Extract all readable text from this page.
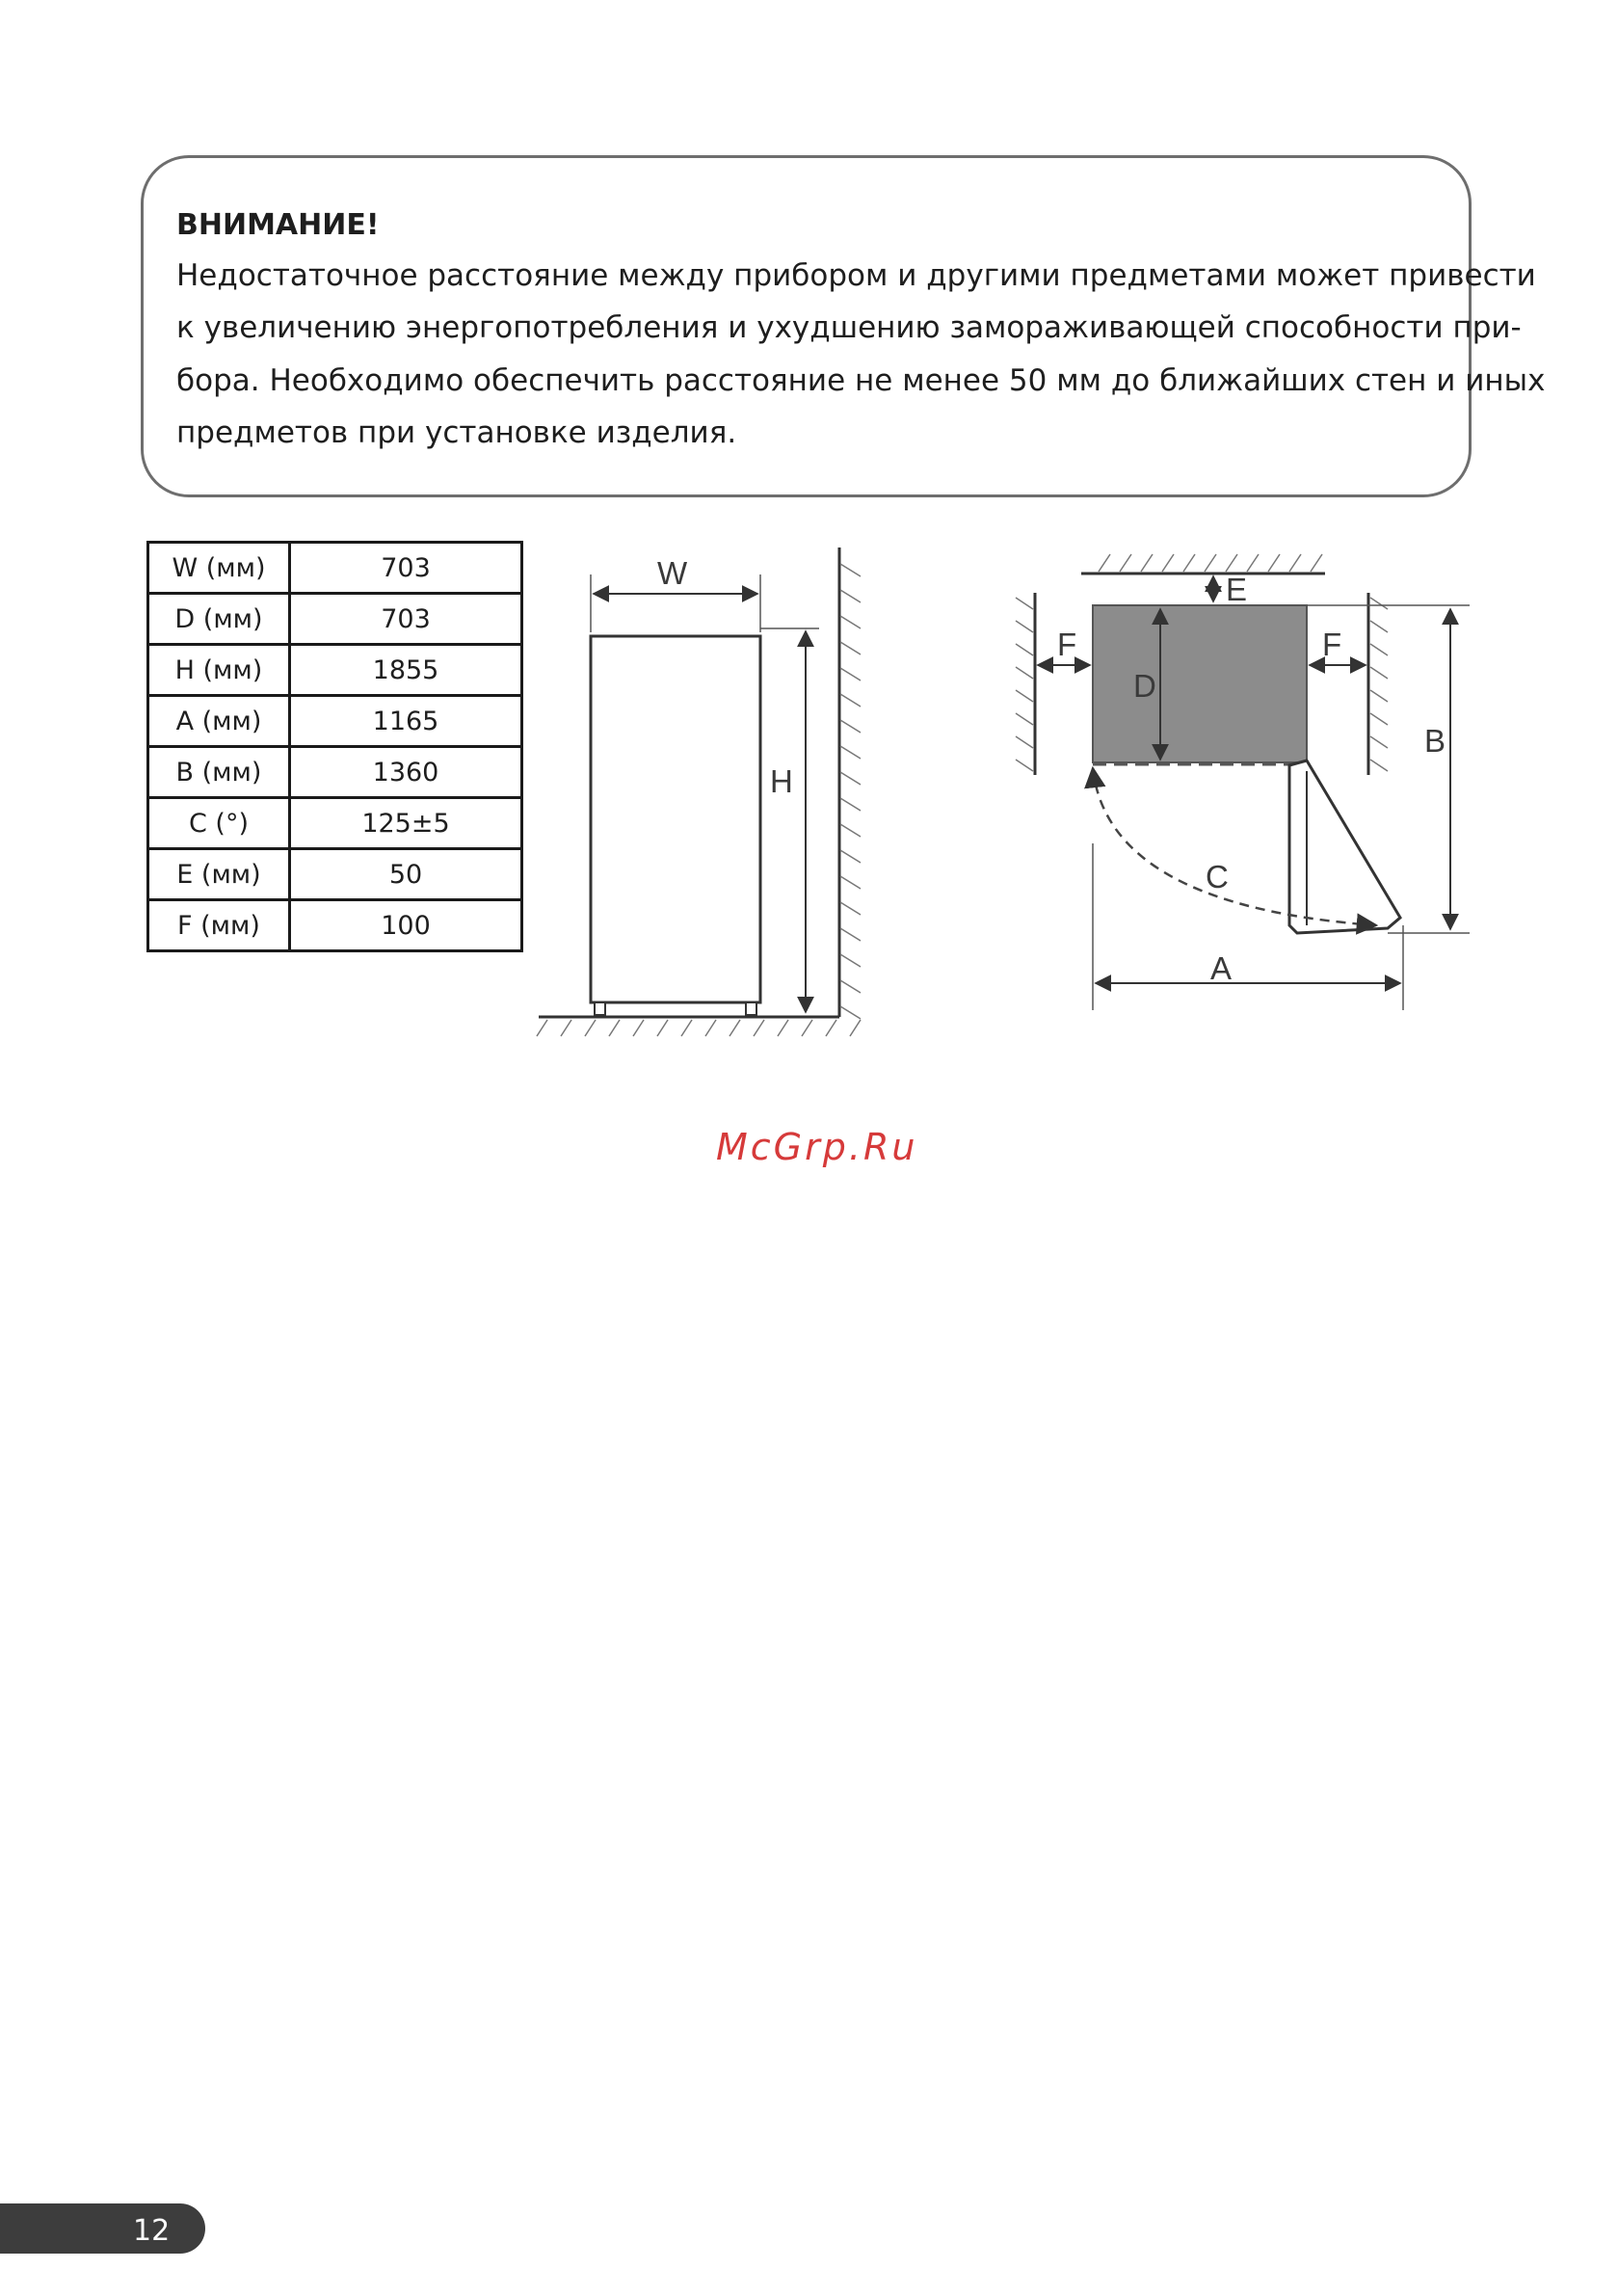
ВНИМАНИЕ!
Недостаточное расстояние между прибором и другими предметами может привести
к увеличению энергопотребления и ухудшению замораживающей способности при-
бора. Необходимо обеспечить расстояние не менее 50 мм до ближайших стен и иных
предметов при установке изделия.
W (мм)	703
D (мм)	703
H (мм)	1855
A (мм)	1165
B (мм)	1360
C (°)	125±5
E (мм)	50
F (мм)	100
W
H
C
E
F	F
D
B
A
McGrp.Ru
12
